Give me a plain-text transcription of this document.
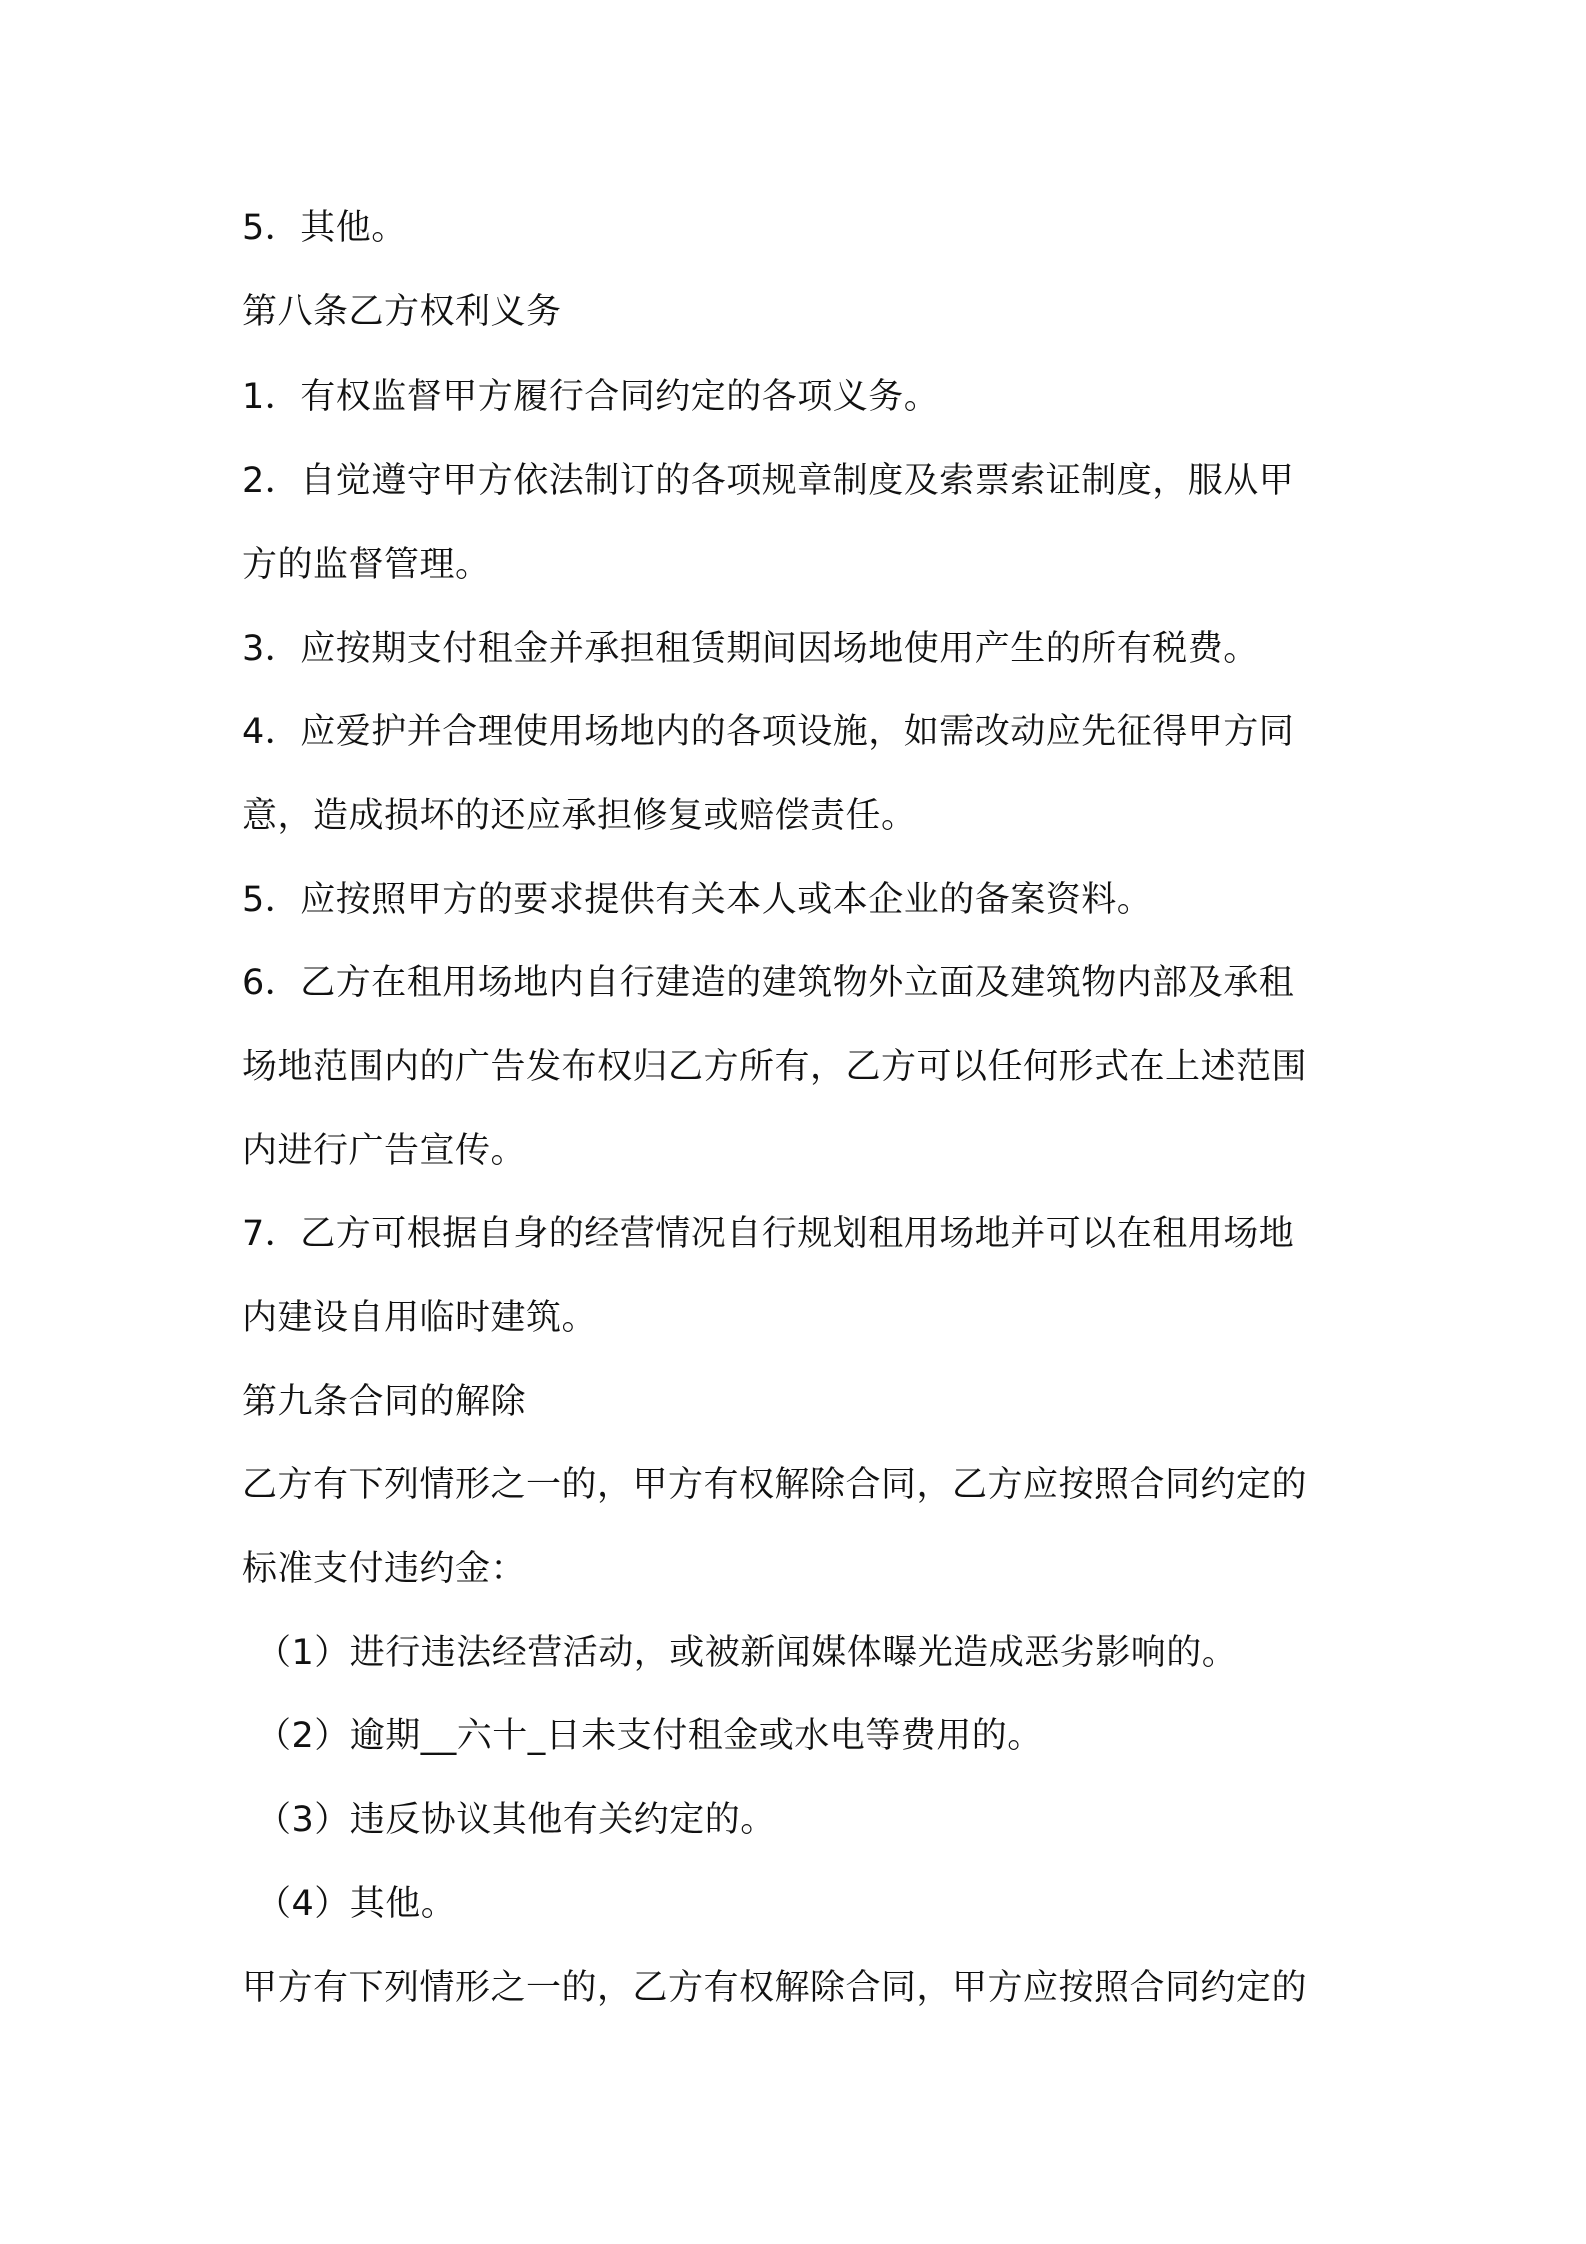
5．其他。
第八条乙方权利义务
1．有权监督甲方履行合同约定的各项义务。
2．自觉遵守甲方依法制订的各项规章制度及索票索证制度，服从甲
方的监督管理。
3．应按期支付租金并承担租赁期间因场地使用产生的所有税费。
4．应爱护并合理使用场地内的各项设施，如需改动应先征得甲方同
意，造成损坏的还应承担修复或赔偿责任。
5．应按照甲方的要求提供有关本人或本企业的备案资料。
6．乙方在租用场地内自行建造的建筑物外立面及建筑物内部及承租
场地范围内的广告发布权归乙方所有，乙方可以任何形式在上述范围
内进行广告宣传。
7．乙方可根据自身的经营情况自行规划租用场地并可以在租用场地
内建设自用临时建筑。
第九条合同的解除
乙方有下列情形之一的，甲方有权解除合同，乙方应按照合同约定的
标准支付违约金：
（1）进行违法经营活动，或被新闻媒体曝光造成恶劣影响的。
（2）逾期__六十_日未支付租金或水电等费用的。
（3）违反协议其他有关约定的。
（4）其他。
甲方有下列情形之一的，乙方有权解除合同，甲方应按照合同约定的
